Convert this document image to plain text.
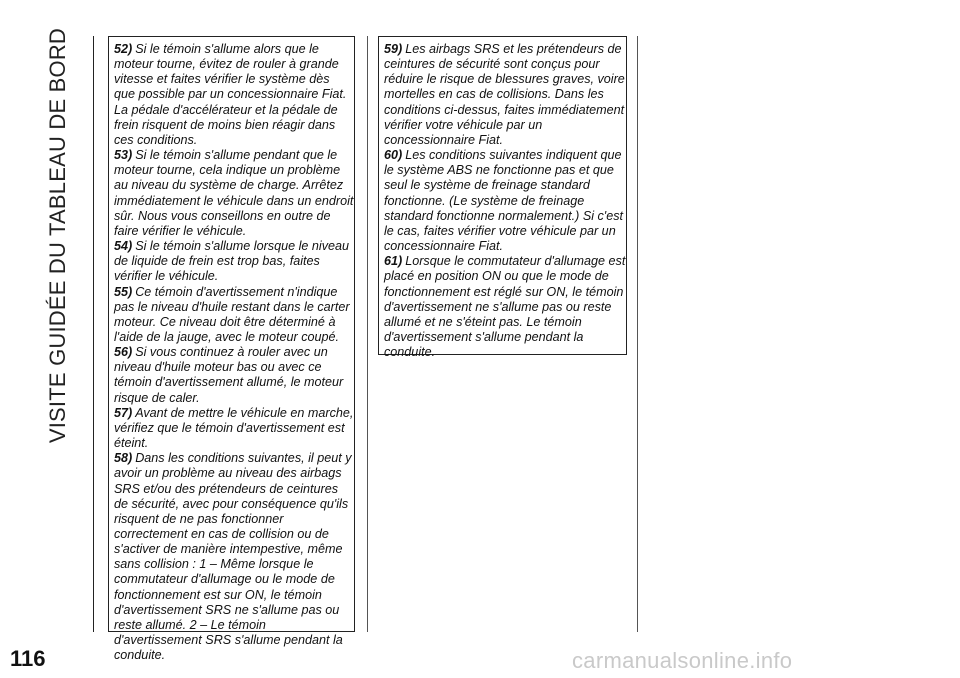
VISITE GUIDÉE DU TABLEAU DE BORD	52) Si le témoin s'allume alors que le moteur tourne, évitez de rouler à grande vitesse et faites vérifier le système dès que possible par un concessionnaire Fiat. La pédale d'accélérateur et la pédale de frein risquent de moins bien réagir dans ces conditions.

53) Si le témoin s'allume pendant que le moteur tourne, cela indique un problème au niveau du système de charge. Arrêtez immédiatement le véhicule dans un endroit sûr. Nous vous conseillons en outre de faire vérifier le véhicule.

54) Si le témoin s'allume lorsque le niveau de liquide de frein est trop bas, faites vérifier le véhicule.

55) Ce témoin d'avertissement n'indique pas le niveau d'huile restant dans le carter moteur. Ce niveau doit être déterminé à l'aide de la jauge, avec le moteur coupé.

56) Si vous continuez à rouler avec un niveau d'huile moteur bas ou avec ce témoin d'avertissement allumé, le moteur risque de caler.

57) Avant de mettre le véhicule en marche, vérifiez que le témoin d'avertissement est éteint.

58) Dans les conditions suivantes, il peut y avoir un problème au niveau des airbags SRS et/ou des prétendeurs de ceintures de sécurité, avec pour conséquence qu'ils risquent de ne pas fonctionner correctement en cas de collision ou de s'activer de manière intempestive, même sans collision : 1 – Même lorsque le commutateur d'allumage ou le mode de fonctionnement est sur ON, le témoin d'avertissement SRS ne s'allume pas ou reste allumé. 2 – Le témoin d'avertissement SRS s'allume pendant la conduite.

59) Les airbags SRS et les prétendeurs de ceintures de sécurité sont conçus pour réduire le risque de blessures graves, voire mortelles en cas de collisions. Dans les conditions ci-dessus, faites immédiatement vérifier votre véhicule par un concessionnaire Fiat.

60) Les conditions suivantes indiquent que le système ABS ne fonctionne pas et que seul le système de freinage standard fonctionne. (Le système de freinage standard fonctionne normalement.) Si c'est le cas, faites vérifier votre véhicule par un concessionnaire Fiat.

61) Lorsque le commutateur d'allumage est placé en position ON ou que le mode de fonctionnement est réglé sur ON, le témoin d'avertissement ne s'allume pas ou reste allumé et ne s'éteint pas. Le témoin d'avertissement s'allume pendant la conduite.

116	carmanualsonline.info
